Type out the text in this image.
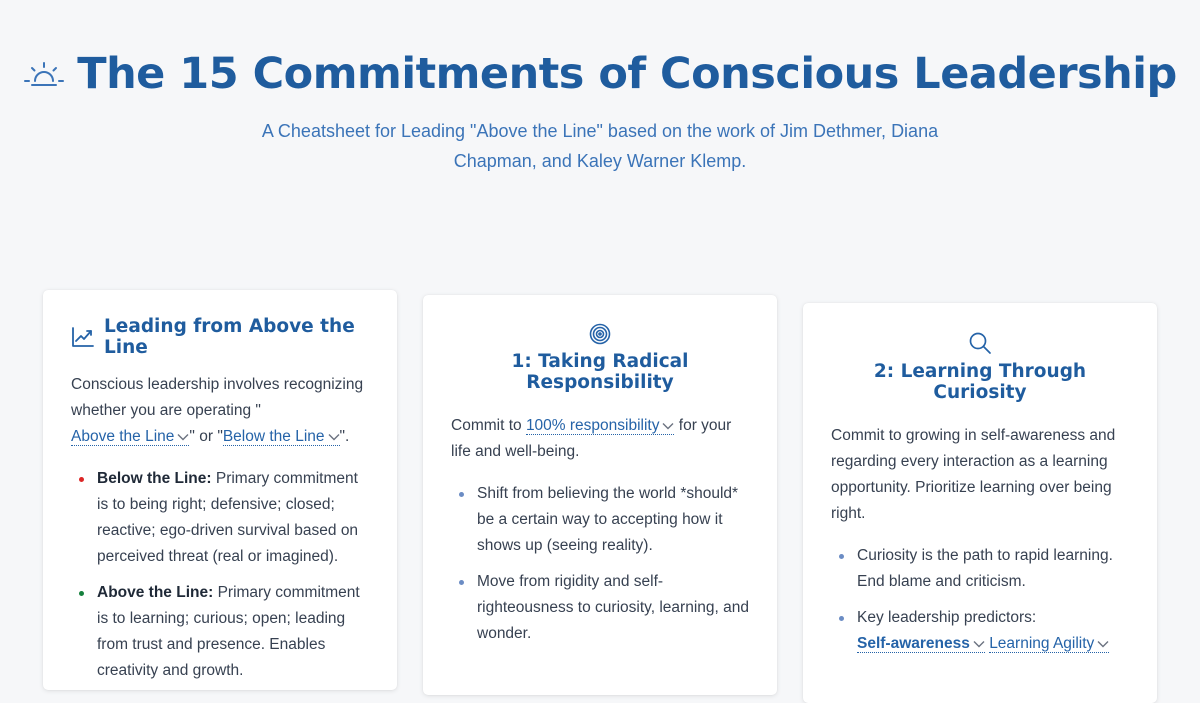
The 15 Commitments of Conscious Leadership

A Cheatsheet for Leading "Above the Line" based on the work of Jim Dethmer, Diana Chapman, and Kaley Warner Klemp.

Leading from Above the Line

Conscious leadership involves recognizing whether you are operating "
Above the Line " or "Below the Line ".

Below the Line: Primary commitment is to being right; defensive; closed; reactive; ego-driven survival based on perceived threat (real or imagined).
Above the Line: Primary commitment is to learning; curious; open; leading from trust and presence. Enables creativity and growth.
1: Taking Radical Responsibility

Commit to 100% responsibility for your life and well-being.

Shift from believing the world *should* be a certain way to accepting how it shows up (seeing reality).
Move from rigidity and self-righteousness to curiosity, learning, and wonder.
2: Learning Through Curiosity

Commit to growing in self-awareness and regarding every interaction as a learning opportunity. Prioritize learning over being right.

Curiosity is the path to rapid learning. End blame and criticism.
Key leadership predictors:
Self-awareness Learning Agility
